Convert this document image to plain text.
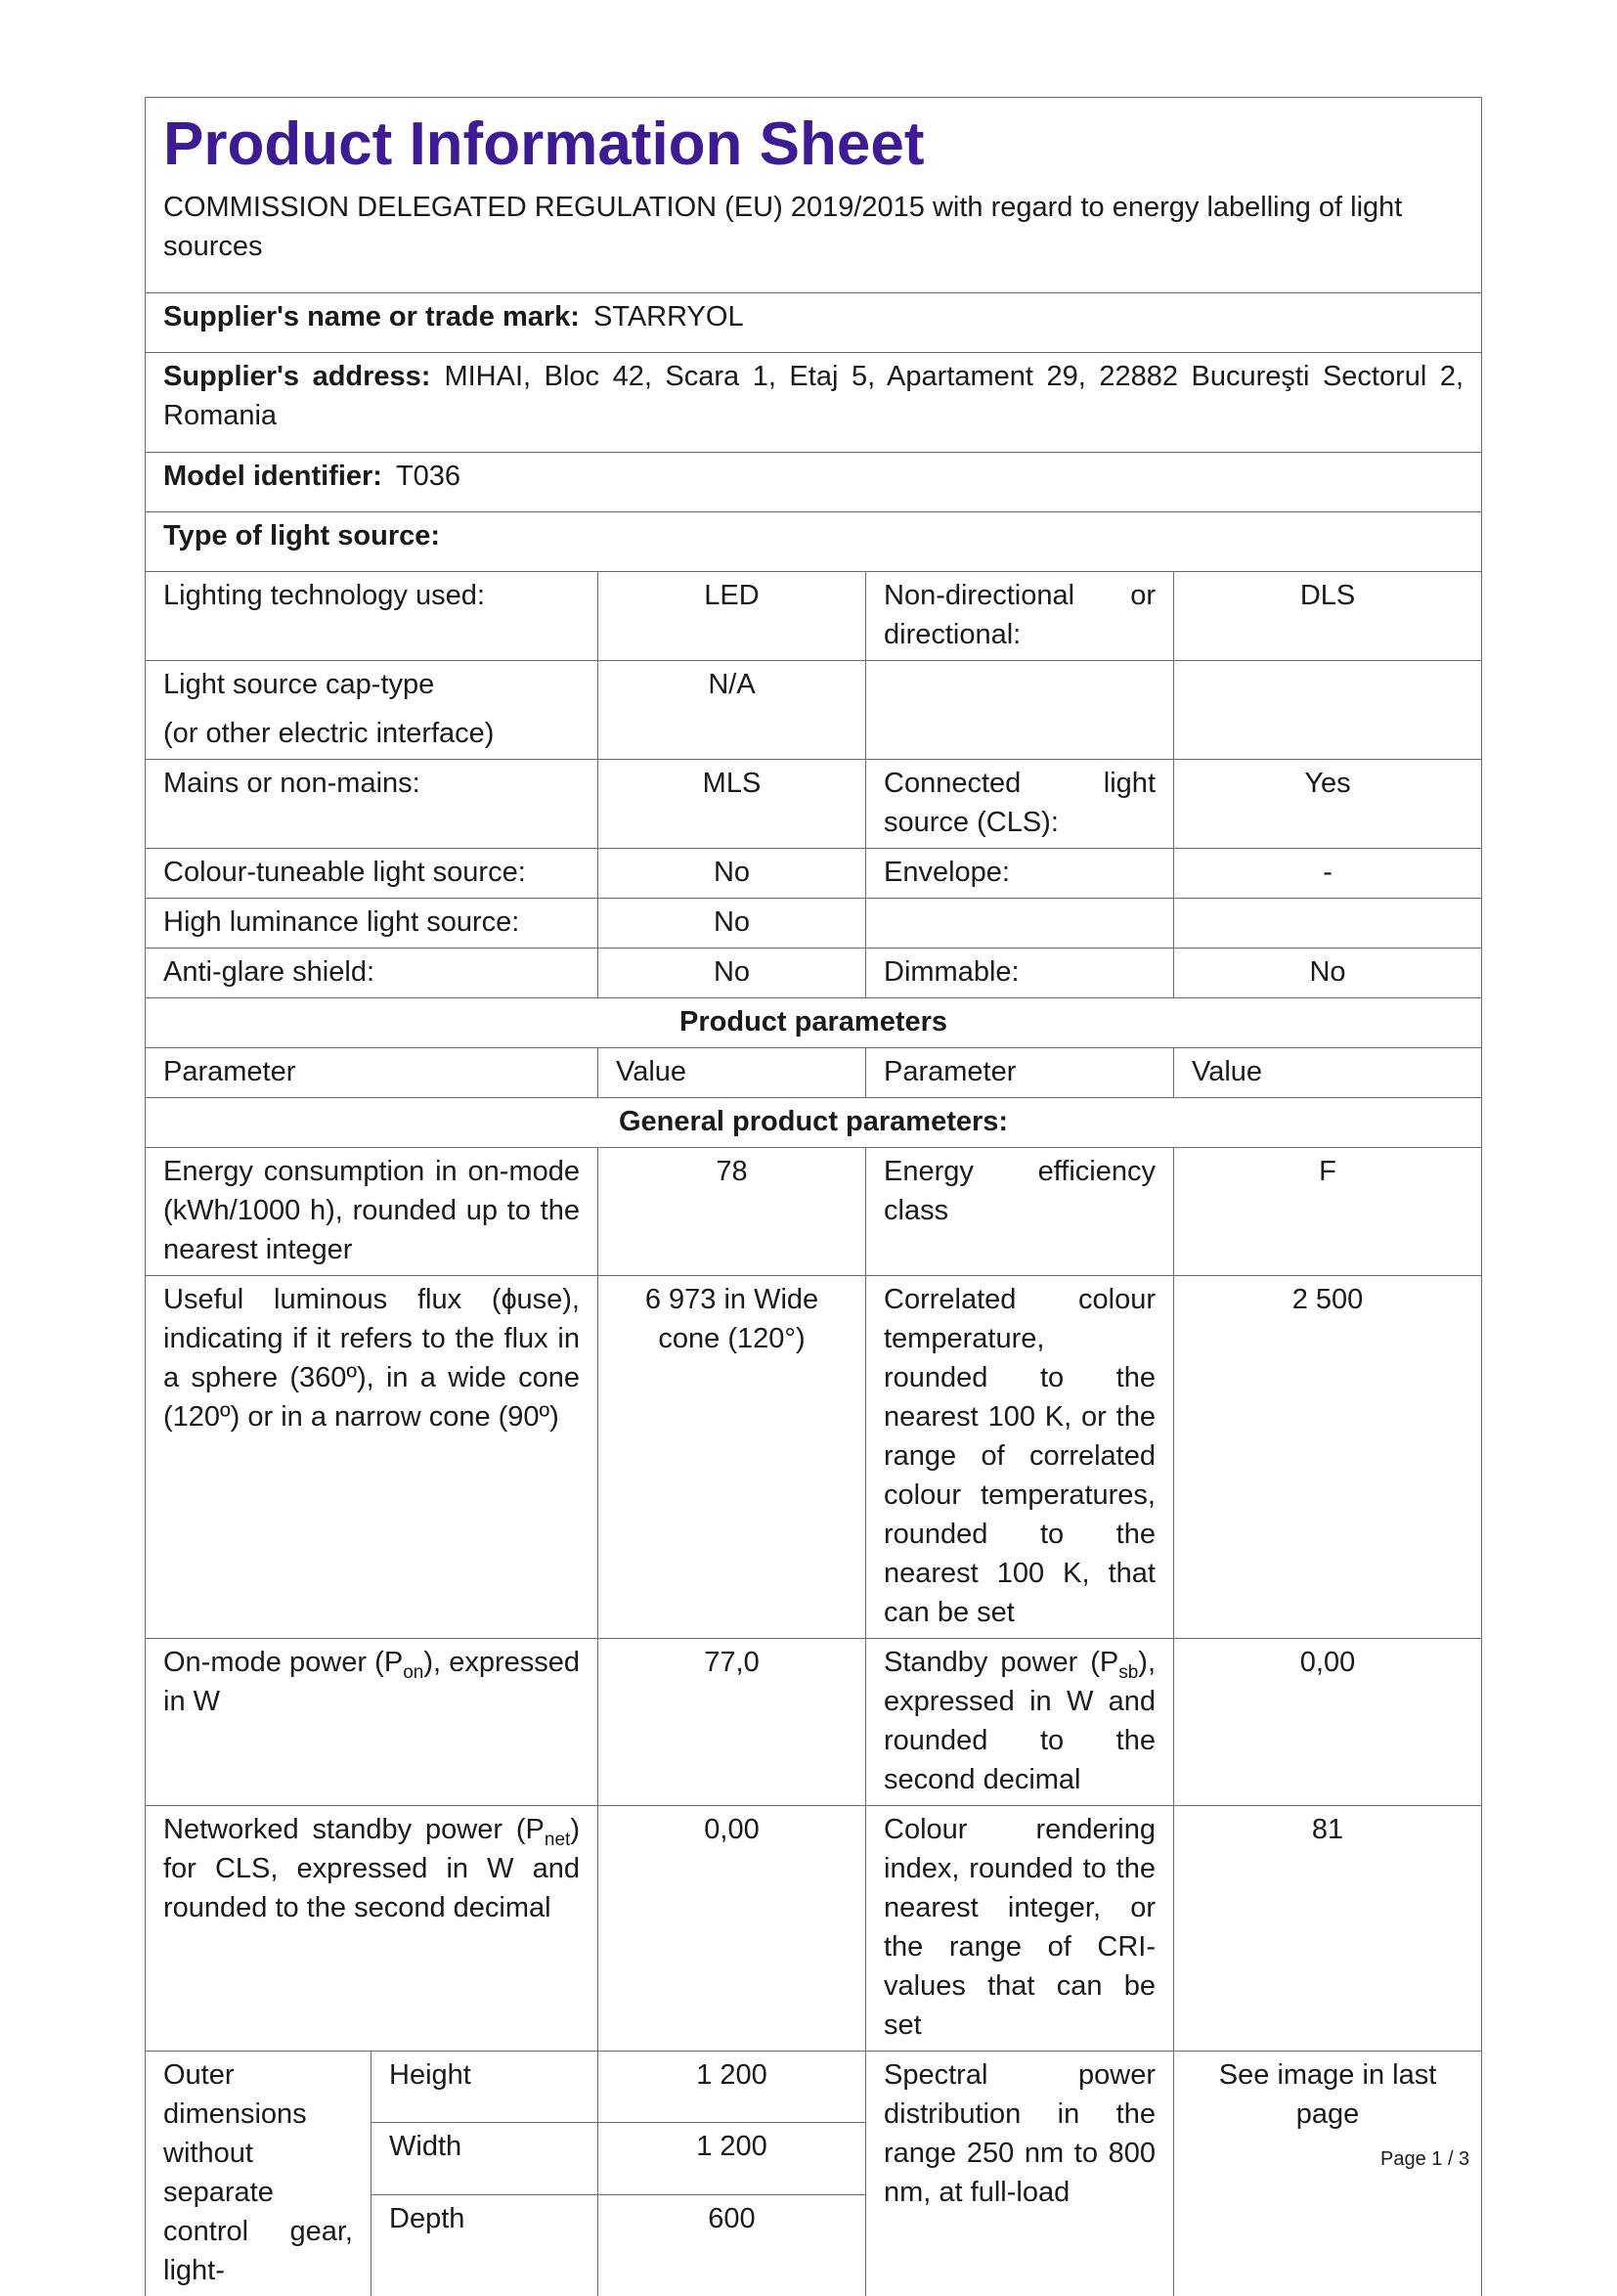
Product Information Sheet
COMMISSION DELEGATED REGULATION (EU) 2019/2015 with regard to energy labelling of light sources				

Supplier's name or trade mark: STARRYOL				
Supplier's address: MIHAI, Bloc 42, Scara 1, Etaj 5, Apartament 29, 22882 Bucureşti Sectorul 2, Romania				
Model identifier: T036				
Type of light source:				
Lighting technology used:		LED	Non-directional or directional:	DLS

Light source cap-type
(or other electric interface)		N/A		
Mains or non-mains:		MLS	Connected light source (CLS):	Yes
Colour-tuneable light source:		No	Envelope:	-
High luminance light source:		No		
Anti-glare shield:		No	Dimmable:	No
Product parameters				
Parameter		Value	Parameter	Value
General product parameters:				
Energy consumption in on-mode (kWh/1000 h), rounded up to the nearest integer		78	Energy efficiency class	F
Useful luminous flux (ɸuse), indicating if it refers to the flux in a sphere (360º), in a wide cone (120º) or in a narrow cone (90º)		6 973 in Wide cone (120°)	Correlated colour temperature, rounded to the nearest 100 K, or the range of correlated colour temperatures, rounded to the nearest 100 K, that can be set	2 500
On-mode power $(P_{on})$, expressed in W		77,0	Standby power $(P_{sb})$, expressed in W and rounded to the second decimal	0,00
Networked standby power $(P_{net})$ for CLS, expressed in W and rounded to the second decimal		0,00	Colour rendering index, rounded to the nearest integer, or the range of CRI-values that can be set	81
Outer dimensions without separate control gear, light-	Height	1 200	Spectral power distribution in the range 250 nm to 800 nm, at full-load	See image in last page
	Width	1 200		
	Depth	600		
Page 1 / 3
